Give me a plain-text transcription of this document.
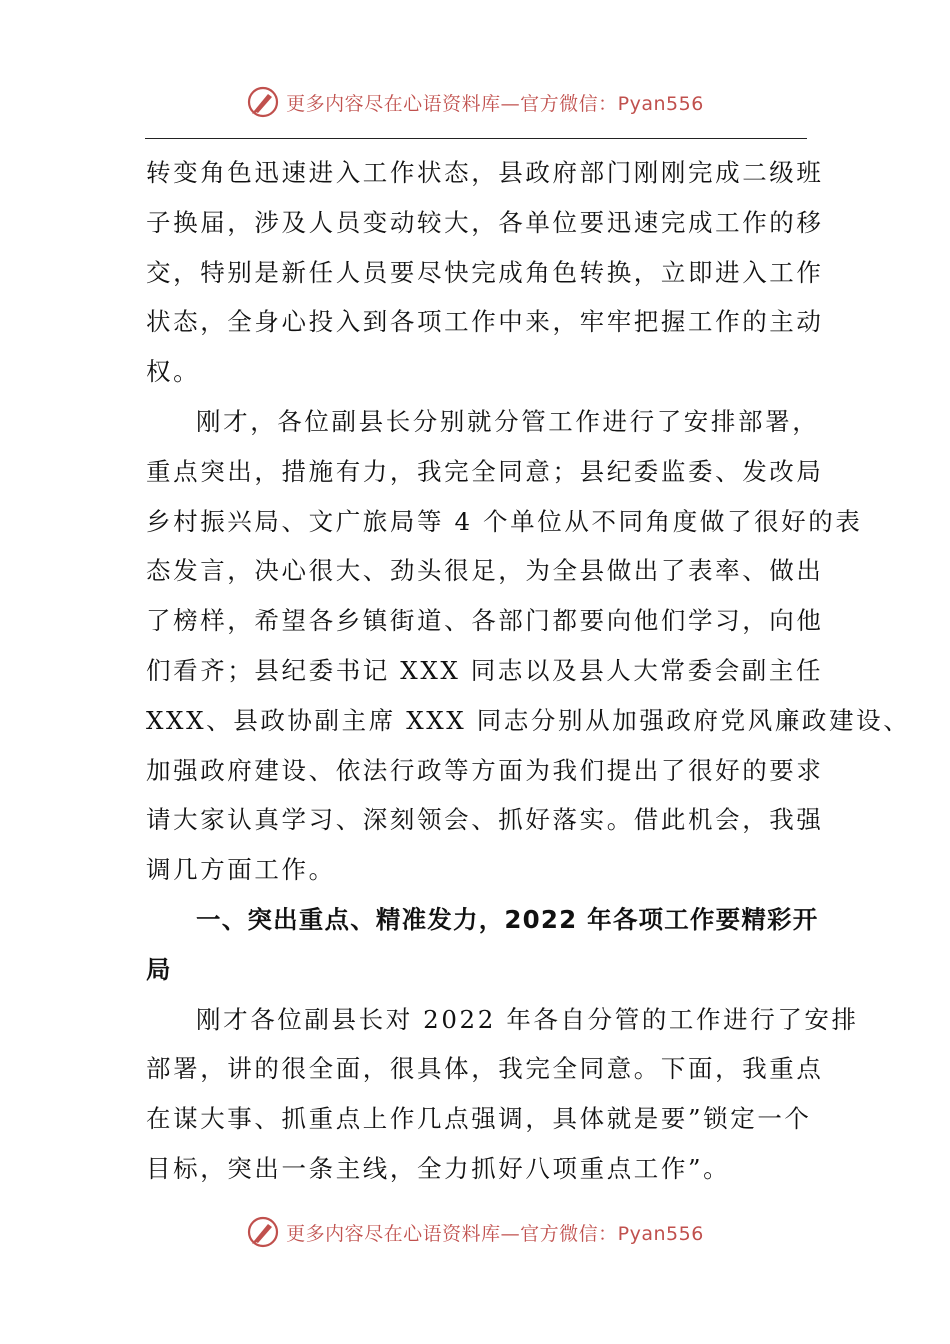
更多内容尽在心语资料库—官方微信：Pyan556
转变角色迅速进入工作状态，县政府部门刚刚完成二级班
子换届，涉及人员变动较大，各单位要迅速完成工作的移
交，特别是新任人员要尽快完成角色转换，立即进入工作
状态，全身心投入到各项工作中来，牢牢把握工作的主动
权。
刚才，各位副县长分别就分管工作进行了安排部署，
重点突出，措施有力，我完全同意；县纪委监委、发改局
乡村振兴局、文广旅局等 4 个单位从不同角度做了很好的表
态发言，决心很大、劲头很足，为全县做出了表率、做出
了榜样，希望各乡镇街道、各部门都要向他们学习，向他
们看齐；县纪委书记 XXX 同志以及县人大常委会副主任
XXX、县政协副主席 XXX 同志分别从加强政府党风廉政建设、
加强政府建设、依法行政等方面为我们提出了很好的要求
请大家认真学习、深刻领会、抓好落实。借此机会，我强
调几方面工作。
一、突出重点、精准发力，2022 年各项工作要精彩开
局
刚才各位副县长对 2022 年各自分管的工作进行了安排
部署，讲的很全面，很具体，我完全同意。下面，我重点
在谋大事、抓重点上作几点强调，具体就是要”锁定一个
目标，突出一条主线，全力抓好八项重点工作”。
更多内容尽在心语资料库—官方微信：Pyan556
